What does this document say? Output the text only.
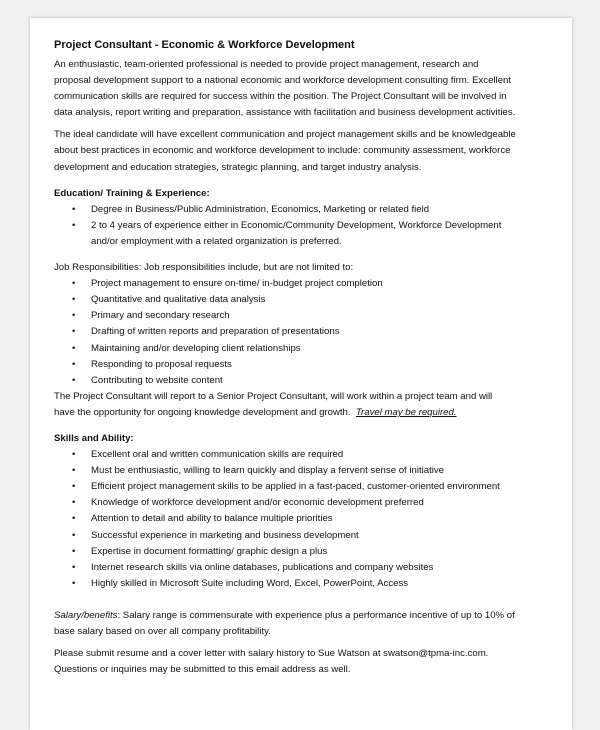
Project Consultant - Economic & Workforce Development

An enthusiastic, team-oriented professional is needed to provide project management, research and
proposal development support to a national economic and workforce development consulting firm. Excellent
communication skills are required for success within the position. The Project Consultant will be involved in
data analysis, report writing and preparation, assistance with facilitation and business development activities.

The ideal candidate will have excellent communication and project management skills and be knowledgeable
about best practices in economic and workforce development to include: community assessment, workforce
development and education strategies, strategic planning, and target industry analysis.

Education/ Training & Experience:

• Degree in Business/Public Administration, Economics, Marketing or related field
• 2 to 4 years of experience either in Economic/Community Development, Workforce Development
and/or employment with a related organization is preferred.

Job Responsibilities: Job responsibilities include, but are not limited to:

• Project management to ensure on-time/ in-budget project completion
• Quantitative and qualitative data analysis
• Primary and secondary research
• Drafting of written reports and preparation of presentations
• Maintaining and/or developing client relationships
• Responding to proposal requests
• Contributing to website content

The Project Consultant will report to a Senior Project Consultant, will work within a project team and will
have the opportunity for ongoing knowledge development and growth. Travel may be required.

Skills and Ability:

• Excellent oral and written communication skills are required
• Must be enthusiastic, willing to learn quickly and display a fervent sense of initiative
• Efficient project management skills to be applied in a fast-paced, customer-oriented environment
• Knowledge of workforce development and/or economic development preferred
• Attention to detail and ability to balance multiple priorities
• Successful experience in marketing and business development
• Expertise in document formatting/ graphic design a plus
• Internet research skills via online databases, publications and company websites
• Highly skilled in Microsoft Suite including Word, Excel, PowerPoint, Access

Salary/benefits: Salary range is commensurate with experience plus a performance incentive of up to 10% of
base salary based on over all company profitability.

Please submit resume and a cover letter with salary history to Sue Watson at swatson@tpma-inc.com.
Questions or inquiries may be submitted to this email address as well.
